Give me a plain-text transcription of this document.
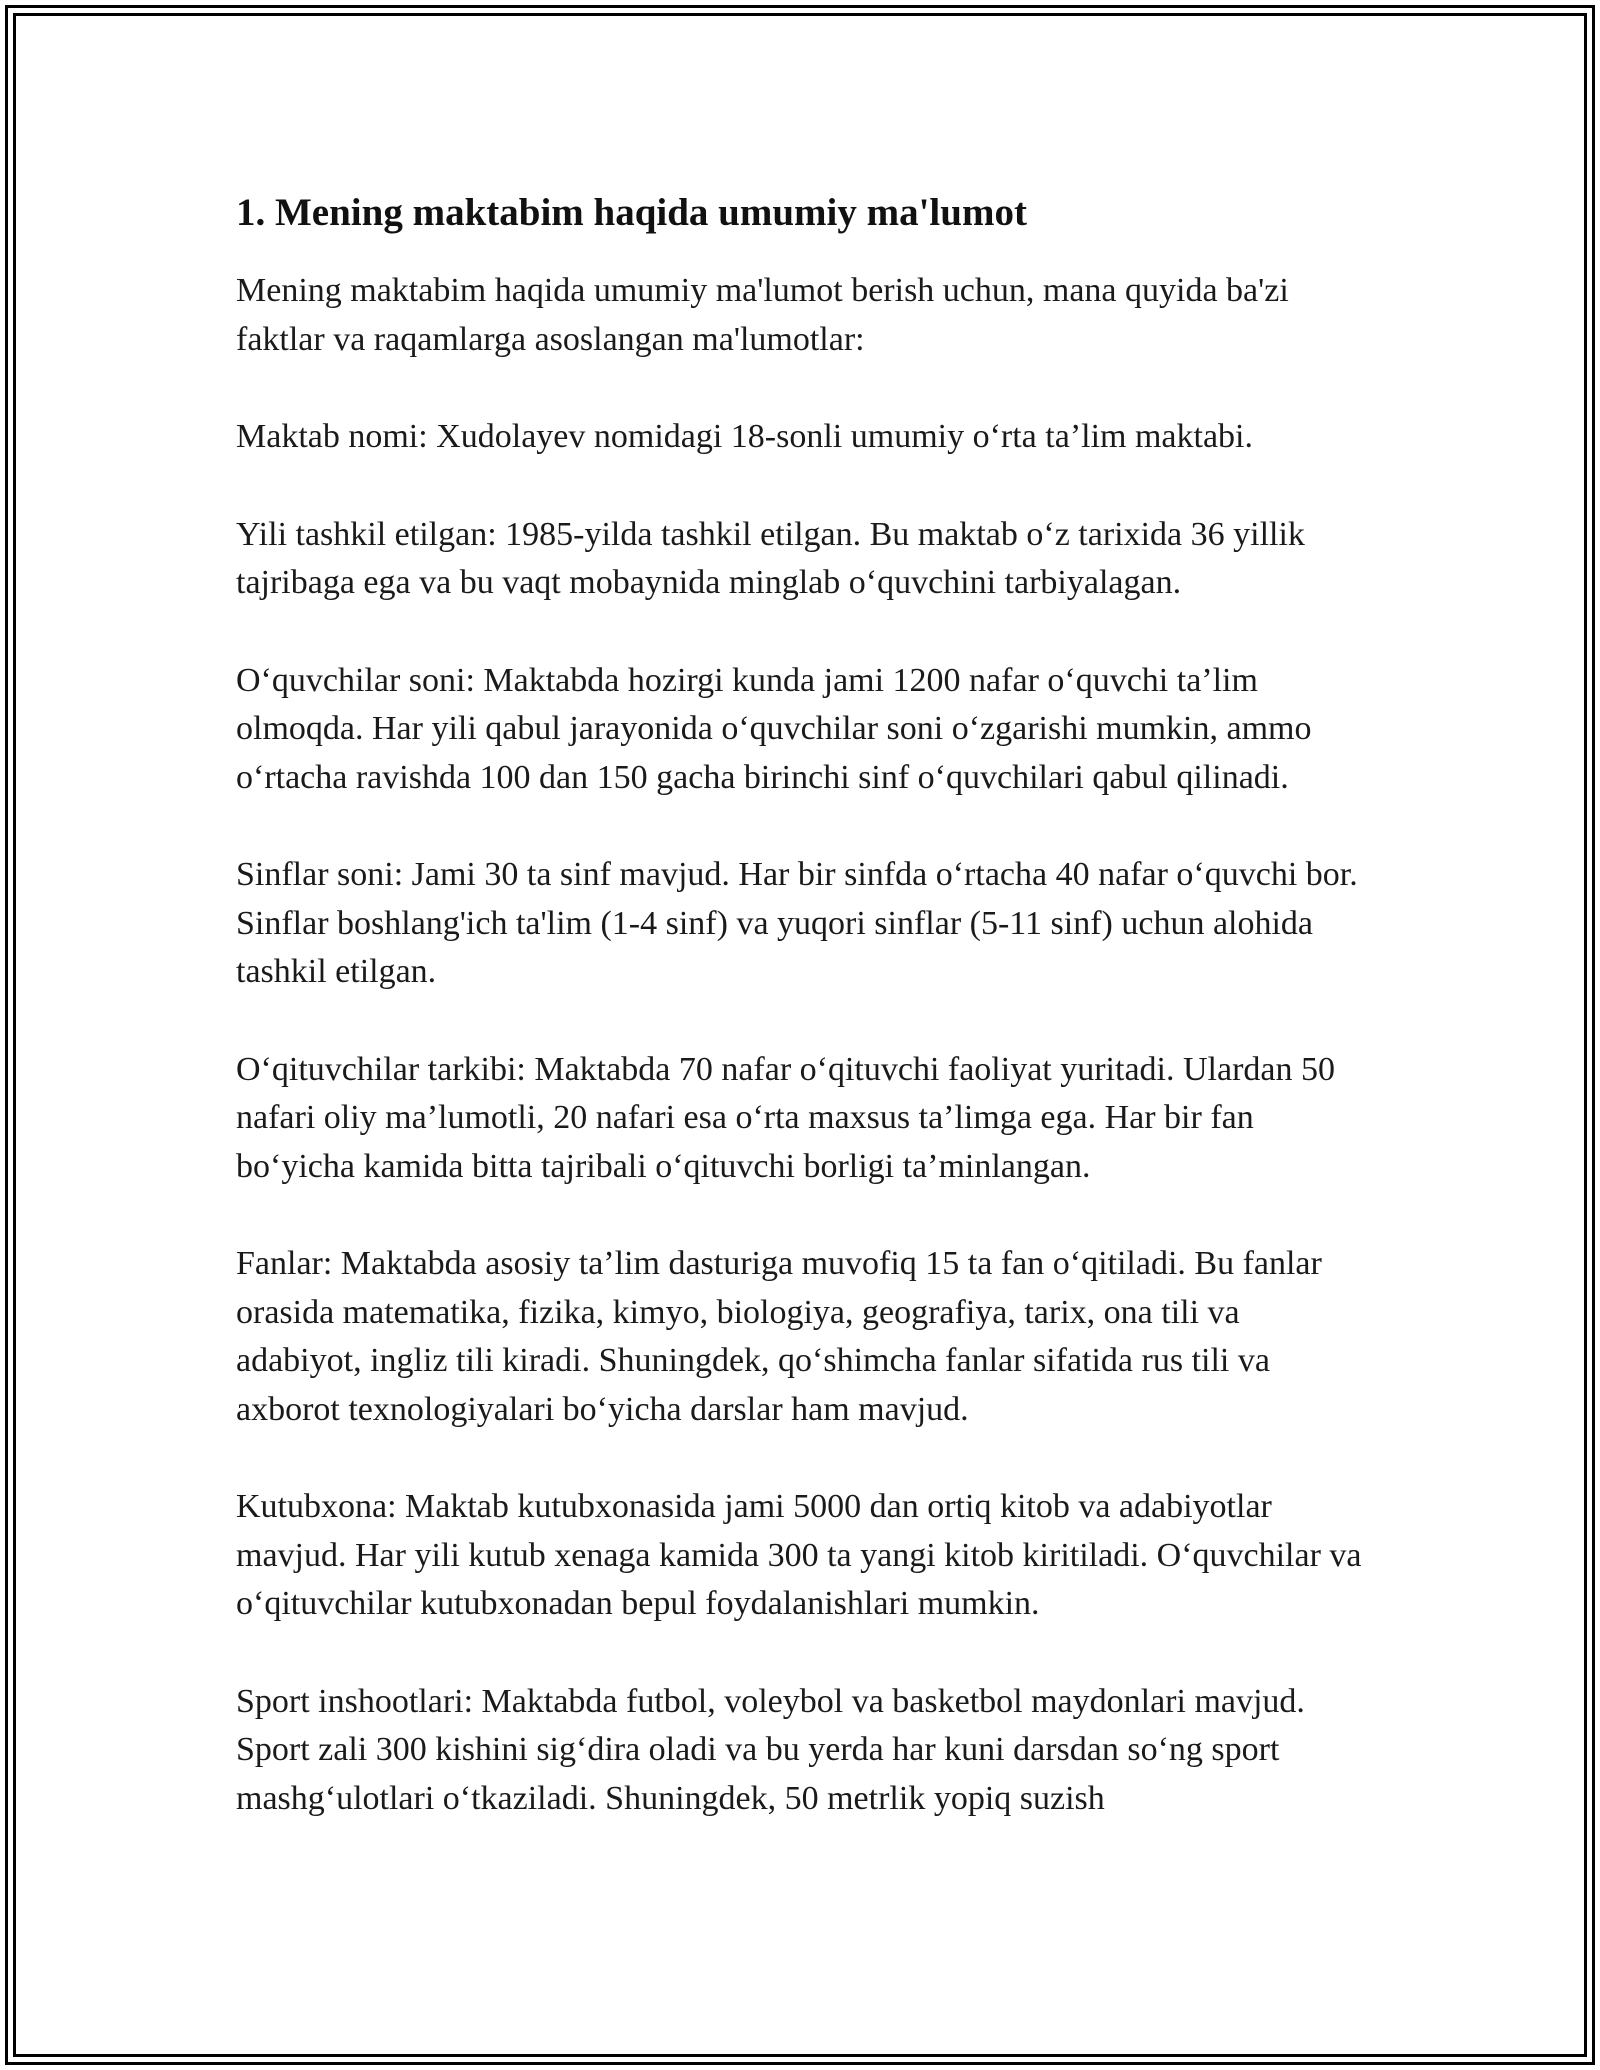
1. Mening maktabim haqida umumiy ma'lumot

Mening maktabim haqida umumiy ma'lumot berish uchun, mana quyida ba'zi faktlar va raqamlarga asoslangan ma'lumotlar:

Maktab nomi: Xudolayev nomidagi 18-sonli umumiy o‘rta ta’lim maktabi.

Yili tashkil etilgan: 1985-yilda tashkil etilgan. Bu maktab o‘z tarixida 36 yillik tajribaga ega va bu vaqt mobaynida minglab o‘quvchini tarbiyalagan.

O‘quvchilar soni: Maktabda hozirgi kunda jami 1200 nafar o‘quvchi ta’lim olmoqda. Har yili qabul jarayonida o‘quvchilar soni o‘zgarishi mumkin, ammo o‘rtacha ravishda 100 dan 150 gacha birinchi sinf o‘quvchilari qabul qilinadi.

Sinflar soni: Jami 30 ta sinf mavjud. Har bir sinfda o‘rtacha 40 nafar o‘quvchi bor. Sinflar boshlang'ich ta'lim (1-4 sinf) va yuqori sinflar (5-11 sinf) uchun alohida tashkil etilgan.

O‘qituvchilar tarkibi: Maktabda 70 nafar o‘qituvchi faoliyat yuritadi. Ulardan 50 nafari oliy ma’lumotli, 20 nafari esa o‘rta maxsus ta’limga ega. Har bir fan bo‘yicha kamida bitta tajribali o‘qituvchi borligi ta’minlangan.

Fanlar: Maktabda asosiy ta’lim dasturiga muvofiq 15 ta fan o‘qitiladi. Bu fanlar orasida matematika, fizika, kimyo, biologiya, geografiya, tarix, ona tili va adabiyot, ingliz tili kiradi. Shuningdek, qo‘shimcha fanlar sifatida rus tili va axborot texnologiyalari bo‘yicha darslar ham mavjud.

Kutubxona: Maktab kutubxonasida jami 5000 dan ortiq kitob va adabiyotlar mavjud. Har yili kutub xenaga kamida 300 ta yangi kitob kiritiladi. O‘quvchilar va o‘qituvchilar kutubxonadan bepul foydalanishlari mumkin.

Sport inshootlari: Maktabda futbol, voleybol va basketbol maydonlari mavjud. Sport zali 300 kishini sig‘dira oladi va bu yerda har kuni darsdan so‘ng sport mashg‘ulotlari o‘tkaziladi. Shuningdek, 50 metrlik yopiq suzish
